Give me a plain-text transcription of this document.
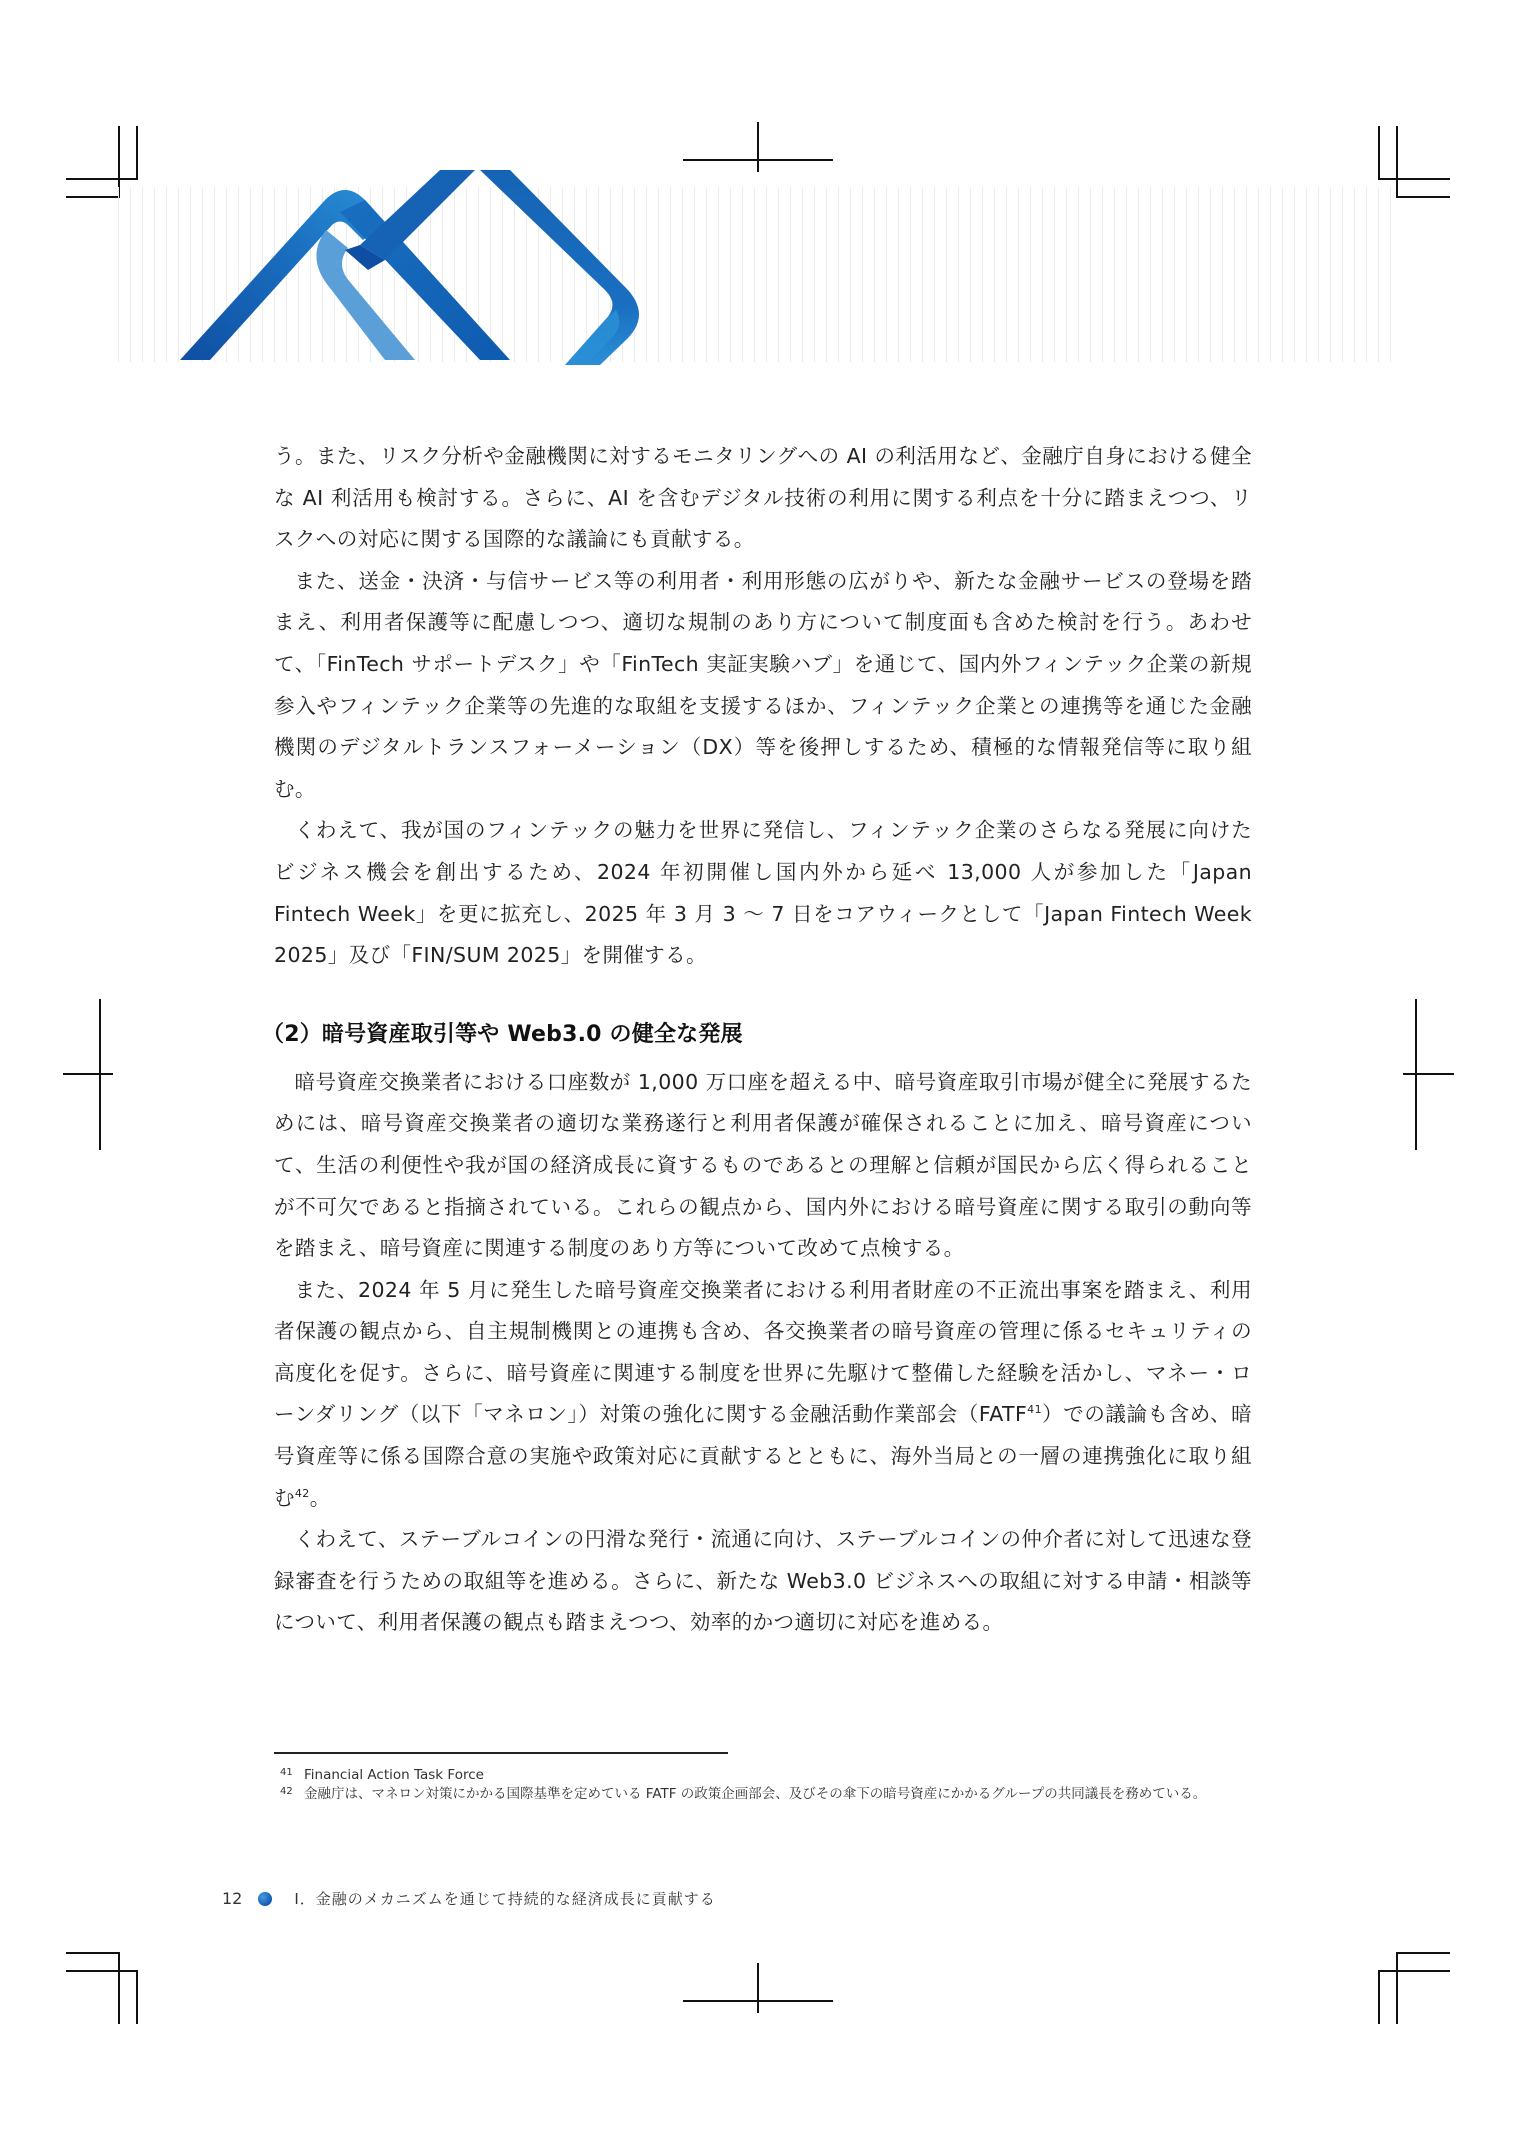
う。また、リスク分析や金融機関に対するモニタリングへの AI の利活用など、金融庁自身における健全な AI 利活用も検討する。さらに、AI を含むデジタル技術の利用に関する利点を十分に踏まえつつ、リスクへの対応に関する国際的な議論にも貢献する。

また、送金・決済・与信サービス等の利用者・利用形態の広がりや、新たな金融サービスの登場を踏まえ、利用者保護等に配慮しつつ、適切な規制のあり方について制度面も含めた検討を行う。あわせて、「FinTech サポートデスク」や「FinTech 実証実験ハブ」を通じて、国内外フィンテック企業の新規参入やフィンテック企業等の先進的な取組を支援するほか、フィンテック企業との連携等を通じた金融機関のデジタルトランスフォーメーション（DX）等を後押しするため、積極的な情報発信等に取り組む。

くわえて、我が国のフィンテックの魅力を世界に発信し、フィンテック企業のさらなる発展に向けたビジネス機会を創出するため、2024 年初開催し国内外から延べ 13,000 人が参加した「Japan Fintech Week」を更に拡充し、2025 年 3 月 3 ～ 7 日をコアウィークとして「Japan Fintech Week 2025」及び「FIN/SUM 2025」を開催する。

（2）暗号資産取引等や Web3.0 の健全な発展

暗号資産交換業者における口座数が 1,000 万口座を超える中、暗号資産取引市場が健全に発展するためには、暗号資産交換業者の適切な業務遂行と利用者保護が確保されることに加え、暗号資産について、生活の利便性や我が国の経済成長に資するものであるとの理解と信頼が国民から広く得られることが不可欠であると指摘されている。これらの観点から、国内外における暗号資産に関する取引の動向等を踏まえ、暗号資産に関連する制度のあり方等について改めて点検する。

また、2024 年 5 月に発生した暗号資産交換業者における利用者財産の不正流出事案を踏まえ、利用者保護の観点から、自主規制機関との連携も含め、各交換業者の暗号資産の管理に係るセキュリティの高度化を促す。さらに、暗号資産に関連する制度を世界に先駆けて整備した経験を活かし、マネー・ローンダリング（以下「マネロン」）対策の強化に関する金融活動作業部会（FATF$^{41}$）での議論も含め、暗号資産等に係る国際合意の実施や政策対応に貢献するとともに、海外当局との一層の連携強化に取り組む$^{42}$。

くわえて、ステーブルコインの円滑な発行・流通に向け、ステーブルコインの仲介者に対して迅速な登録審査を行うための取組等を進める。さらに、新たな Web3.0 ビジネスへの取組に対する申請・相談等について、利用者保護の観点も踏まえつつ、効率的かつ適切に対応を進める。

41 Financial Action Task Force
42 金融庁は、マネロン対策にかかる国際基準を定めている FATF の政策企画部会、及びその傘下の暗号資産にかかるグループの共同議長を務めている。
12	Ⅰ．金融のメカニズムを通じて持続的な経済成長に貢献する
